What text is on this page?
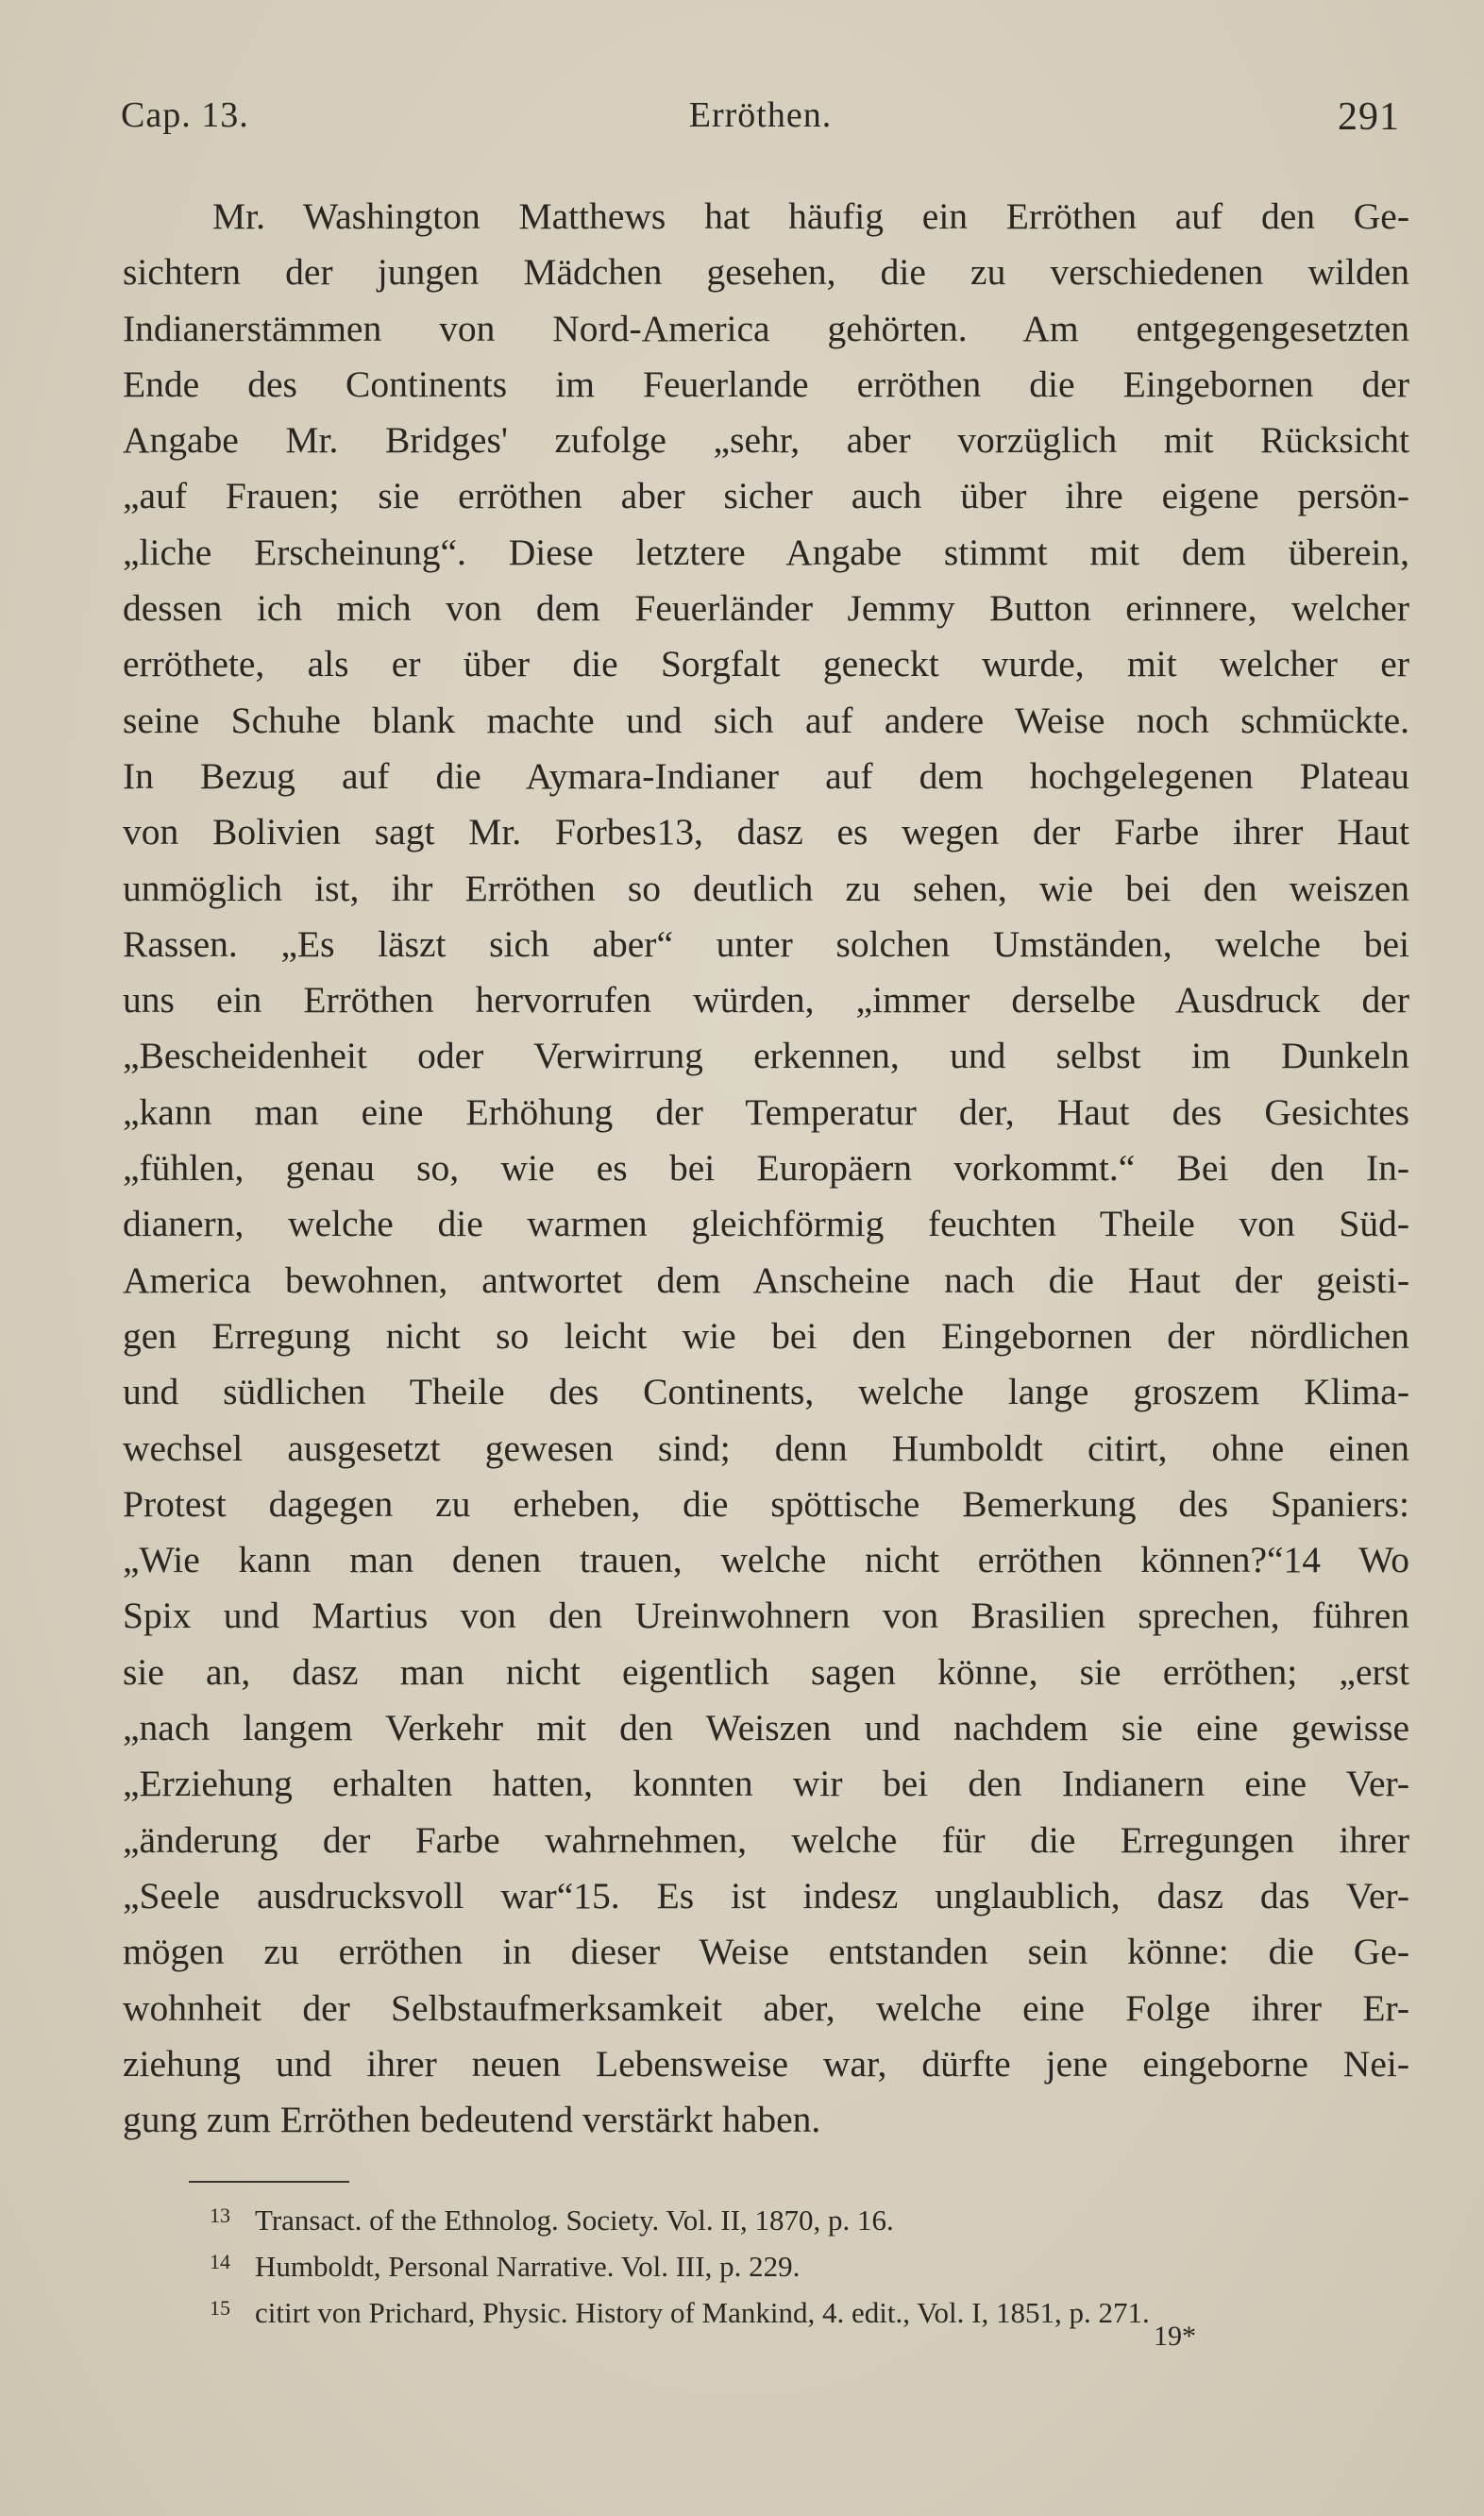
Cap. 13.	Erröthen.	291
Mr. Washington Matthews hat häufig ein Erröthen auf den Ge-
sichtern der jungen Mädchen gesehen, die zu verschiedenen wilden
Indianerstämmen von Nord-America gehörten. Am entgegengesetzten
Ende des Continents im Feuerlande erröthen die Eingebornen der
Angabe Mr. Bridges' zufolge „sehr, aber vorzüglich mit Rücksicht
„auf Frauen; sie erröthen aber sicher auch über ihre eigene persön-
„liche Erscheinung“. Diese letztere Angabe stimmt mit dem überein,
dessen ich mich von dem Feuerländer Jemmy Button erinnere, welcher
erröthete, als er über die Sorgfalt geneckt wurde, mit welcher er
seine Schuhe blank machte und sich auf andere Weise noch schmückte.
In Bezug auf die Aymara-Indianer auf dem hochgelegenen Plateau
von Bolivien sagt Mr. Forbes13, dasz es wegen der Farbe ihrer Haut
unmöglich ist, ihr Erröthen so deutlich zu sehen, wie bei den weiszen
Rassen. „Es läszt sich aber“ unter solchen Umständen, welche bei
uns ein Erröthen hervorrufen würden, „immer derselbe Ausdruck der
„Bescheidenheit oder Verwirrung erkennen, und selbst im Dunkeln
„kann man eine Erhöhung der Temperatur der, Haut des Gesichtes
„fühlen, genau so, wie es bei Europäern vorkommt.“ Bei den In-
dianern, welche die warmen gleichförmig feuchten Theile von Süd-
America bewohnen, antwortet dem Anscheine nach die Haut der geisti-
gen Erregung nicht so leicht wie bei den Eingebornen der nördlichen
und südlichen Theile des Continents, welche lange groszem Klima-
wechsel ausgesetzt gewesen sind; denn Humboldt citirt, ohne einen
Protest dagegen zu erheben, die spöttische Bemerkung des Spaniers:
„Wie kann man denen trauen, welche nicht erröthen können?“14 Wo
Spix und Martius von den Ureinwohnern von Brasilien sprechen, führen
sie an, dasz man nicht eigentlich sagen könne, sie erröthen; „erst
„nach langem Verkehr mit den Weiszen und nachdem sie eine gewisse
„Erziehung erhalten hatten, konnten wir bei den Indianern eine Ver-
„änderung der Farbe wahrnehmen, welche für die Erregungen ihrer
„Seele ausdrucksvoll war“15. Es ist indesz unglaublich, dasz das Ver-
mögen zu erröthen in dieser Weise entstanden sein könne: die Ge-
wohnheit der Selbstaufmerksamkeit aber, welche eine Folge ihrer Er-
ziehung und ihrer neuen Lebensweise war, dürfte jene eingeborne Nei-
gung zum Erröthen bedeutend verstärkt haben.
13 Transact. of the Ethnolog. Society. Vol. II, 1870, p. 16.
14 Humboldt, Personal Narrative. Vol. III, p. 229.
15 citirt von Prichard, Physic. History of Mankind, 4. edit., Vol. I, 1851, p. 271.
19*
